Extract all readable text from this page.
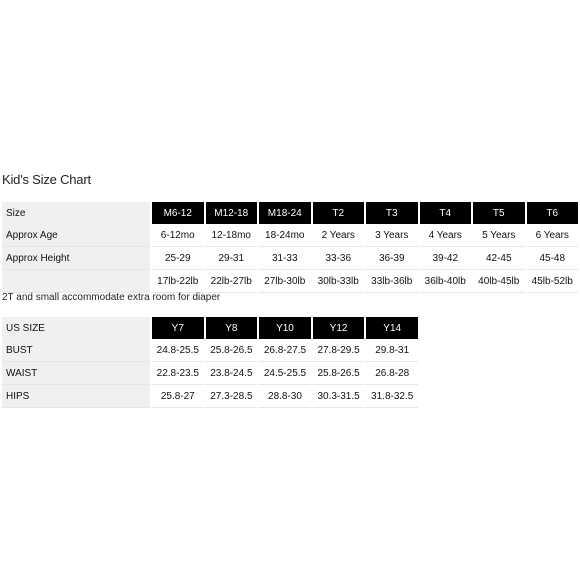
Kid's Size Chart
Size	M6-12	M12-18	M18-24	T2	T3	T4	T5	T6
Approx Age	6-12mo	12-18mo	18-24mo	2 Years	3 Years	4 Years	5 Years	6 Years
Approx Height	25-29	29-31	31-33	33-36	36-39	39-42	42-45	45-48
	17lb-22lb	22lb-27lb	27lb-30lb	30lb-33lb	33lb-36lb	36lb-40lb	40lb-45lb	45lb-52lb
2T and small accommodate extra room for diaper
US SIZE	Y7	Y8	Y10	Y12	Y14
BUST	24.8-25.5	25.8-26.5	26.8-27.5	27.8-29.5	29.8-31
WAIST	22.8-23.5	23.8-24.5	24.5-25.5	25.8-26.5	26.8-28
HIPS	25.8-27	27.3-28.5	28.8-30	30.3-31.5	31.8-32.5
